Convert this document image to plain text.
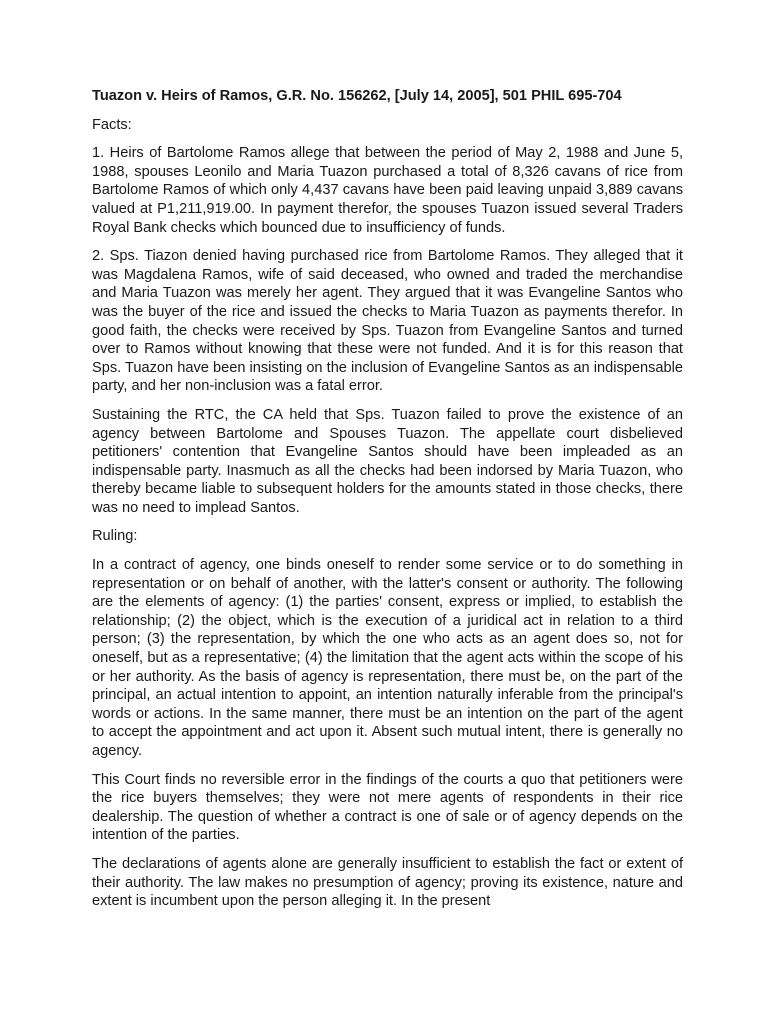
Tuazon v. Heirs of Ramos, G.R. No. 156262, [July 14, 2005], 501 PHIL 695-704
Facts:

1. Heirs of Bartolome Ramos allege that between the period of May 2, 1988 and June 5, 1988, spouses Leonilo and Maria Tuazon purchased a total of 8,326 cavans of rice from Bartolome Ramos of which only 4,437 cavans have been paid leaving unpaid 3,889 cavans valued at P1,211,919.00. In payment therefor, the spouses Tuazon issued several Traders Royal Bank checks which bounced due to insufficiency of funds.

2. Sps. Tiazon denied having purchased rice from Bartolome Ramos. They alleged that it was Magdalena Ramos, wife of said deceased, who owned and traded the merchandise and Maria Tuazon was merely her agent. They argued that it was Evangeline Santos who was the buyer of the rice and issued the checks to Maria Tuazon as payments therefor. In good faith, the checks were received by Sps. Tuazon from Evangeline Santos and turned over to Ramos without knowing that these were not funded. And it is for this reason that Sps. Tuazon have been insisting on the inclusion of Evangeline Santos as an indispensable party, and her non-inclusion was a fatal error.

Sustaining the RTC, the CA held that Sps. Tuazon failed to prove the existence of an agency between Bartolome and Spouses Tuazon. The appellate court disbelieved petitioners' contention that Evangeline Santos should have been impleaded as an indispensable party. Inasmuch as all the checks had been indorsed by Maria Tuazon, who thereby became liable to subsequent holders for the amounts stated in those checks, there was no need to implead Santos.

Ruling:

In a contract of agency, one binds oneself to render some service or to do something in representation or on behalf of another, with the latter's consent or authority. The following are the elements of agency: (1) the parties' consent, express or implied, to establish the relationship; (2) the object, which is the execution of a juridical act in relation to a third person; (3) the representation, by which the one who acts as an agent does so, not for oneself, but as a representative; (4) the limitation that the agent acts within the scope of his or her authority. As the basis of agency is representation, there must be, on the part of the principal, an actual intention to appoint, an intention naturally inferable from the principal's words or actions. In the same manner, there must be an intention on the part of the agent to accept the appointment and act upon it. Absent such mutual intent, there is generally no agency.

This Court finds no reversible error in the findings of the courts a quo that petitioners were the rice buyers themselves; they were not mere agents of respondents in their rice dealership. The question of whether a contract is one of sale or of agency depends on the intention of the parties.

The declarations of agents alone are generally insufficient to establish the fact or extent of their authority. The law makes no presumption of agency; proving its existence, nature and extent is incumbent upon the person alleging it. In the present
